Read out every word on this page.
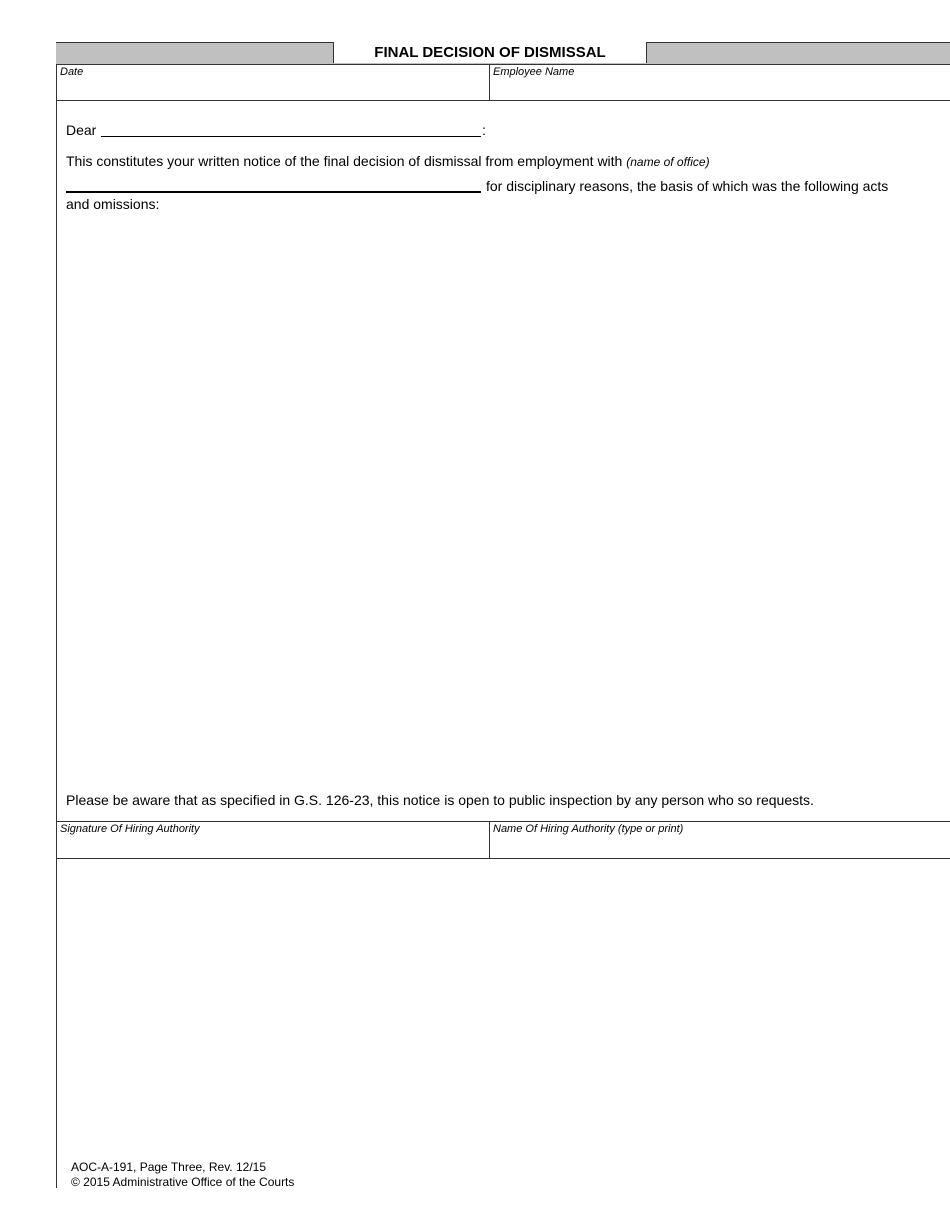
FINAL DECISION OF DISMISSAL
Date	Employee Name
Dear	:
This constitutes your written notice of the final decision of dismissal from employment with (name of office)
for disciplinary reasons, the basis of which was the following acts
and omissions:
Please be aware that as specified in G.S. 126-23, this notice is open to public inspection by any person who so requests.
Signature Of Hiring Authority	Name Of Hiring Authority (type or print)
AOC-A-191, Page Three, Rev. 12/15
© 2015 Administrative Office of the Courts
